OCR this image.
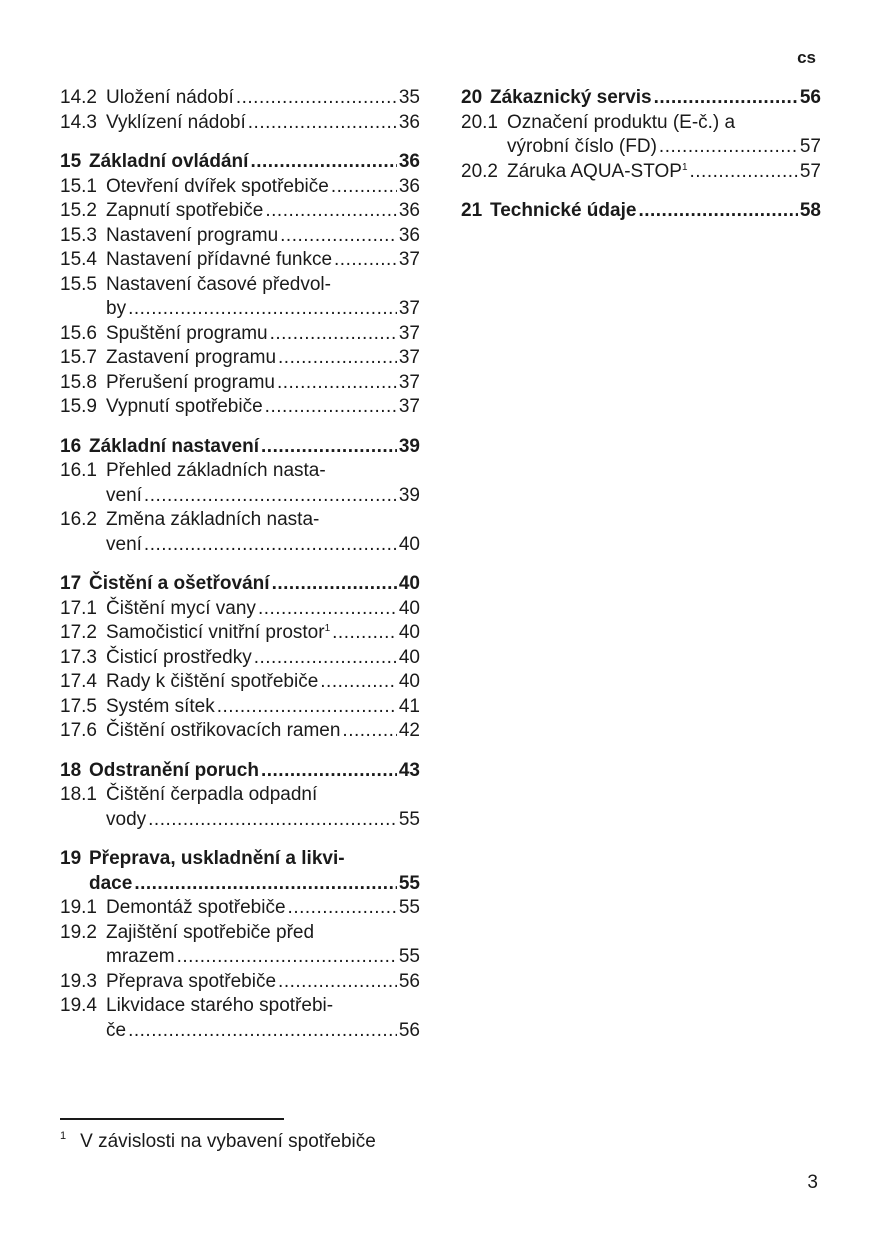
cs
14.2 Uložení nádobí .....	35
14.3 Vyklízení nádobí .....	36
15 Základní ovládání .....	36
15.1 Otevření dvířek spotřebiče .....	36
15.2 Zapnutí spotřebiče .....	36
15.3 Nastavení programu .....	36
15.4 Nastavení přídavné funkce .....	37
15.5 Nastavení časové předvol-
by .....	37
15.6 Spuštění programu .....	37
15.7 Zastavení programu .....	37
15.8 Přerušení programu .....	37
15.9 Vypnutí spotřebiče .....	37
16 Základní nastavení .....	39
16.1 Přehled základních nasta-
vení .....	39
16.2 Změna základních nasta-
vení .....	40
17 Čistění a ošetřování .....	40
17.1 Čištění mycí vany .....	40
17.2 Samočisticí vnitřní prostor$^1$ .....	40
17.3 Čisticí prostředky .....	40
17.4 Rady k čištění spotřebiče .....	40
17.5 Systém sítek .....	41
17.6 Čištění ostřikovacích ramen .....	42
18 Odstranění poruch .....	43
18.1 Čištění čerpadla odpadní
vody .....	55
19 Přeprava, uskladnění a likvi-
dace .....	55
19.1 Demontáž spotřebiče .....	55
19.2 Zajištění spotřebiče před
mrazem .....	55
19.3 Přeprava spotřebiče .....	56
19.4 Likvidace starého spotřebi-
če .....	56
20 Zákaznický servis .....	56
20.1 Označení produktu (E-č.) a
výrobní číslo (FD) .....	57
20.2 Záruka AQUA-STOP$^1$ .....	57
21 Technické údaje .....	58
$^1$ V závislosti na vybavení spotřebiče
3
